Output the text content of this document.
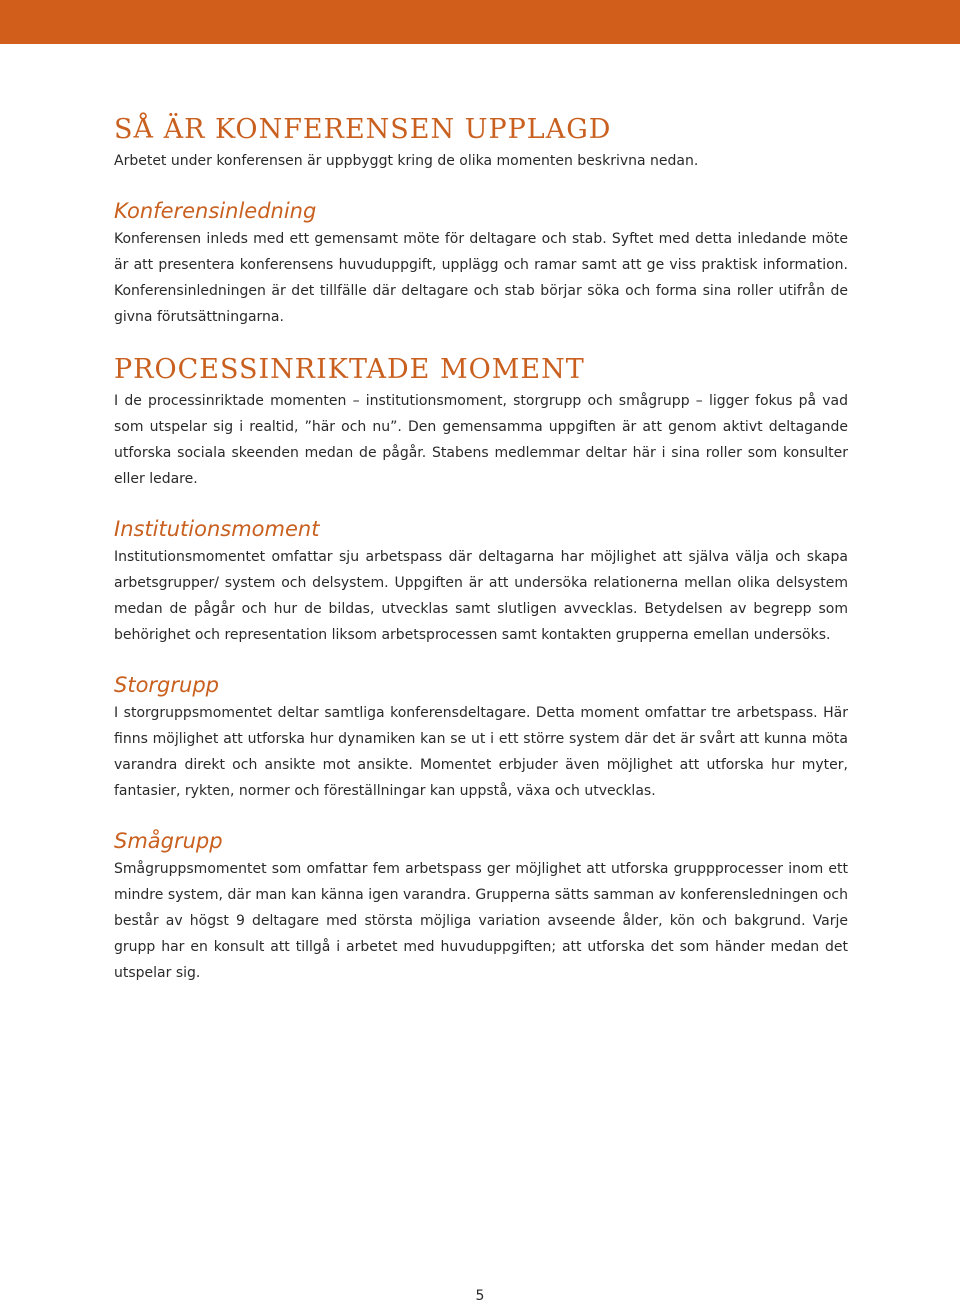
SÅ ÄR KONFERENSEN UPPLAGD

Arbetet under konferensen är uppbyggt kring de olika momenten beskrivna nedan.

Konferensinledning

Konferensen inleds med ett gemensamt möte för deltagare och stab. Syftet med detta inledande möte är att presentera konferensens huvuduppgift, upplägg och ramar samt att ge viss praktisk information. Konferensinledningen är det tillfälle där deltagare och stab börjar söka och forma sina roller utifrån de givna förutsättningarna.

PROCESSINRIKTADE MOMENT

I de processinriktade momenten – institutionsmoment, storgrupp och smågrupp – ligger fokus på vad som utspelar sig i realtid, ”här och nu”. Den gemensamma uppgiften är att genom aktivt deltagande utforska sociala skeenden medan de pågår. Stabens medlemmar deltar här i sina roller som konsulter eller ledare.

Institutionsmoment

Institutionsmomentet omfattar sju arbetspass där deltagarna har möjlighet att själva välja och skapa arbetsgrupper/ system och delsystem. Uppgiften är att undersöka relationerna mellan olika delsystem medan de pågår och hur de bildas, utvecklas samt slutligen avvecklas. Betydelsen av begrepp som behörighet och representation liksom arbetsprocessen samt kontakten grupperna emellan undersöks.

Storgrupp

I storgruppsmomentet deltar samtliga konferensdeltagare. Detta moment omfattar tre arbetspass. Här finns möjlighet att utforska hur dynamiken kan se ut i ett större system där det är svårt att kunna möta varandra direkt och ansikte mot ansikte. Momentet erbjuder även möjlighet att utforska hur myter, fantasier, rykten, normer och föreställningar kan uppstå, växa och utvecklas.

Smågrupp

Smågruppsmomentet som omfattar fem arbetspass ger möjlighet att utforska gruppprocesser inom ett mindre system, där man kan känna igen varandra. Grupperna sätts samman av konferensledningen och består av högst 9 deltagare med största möjliga variation avseende ålder, kön och bakgrund. Varje grupp har en konsult att tillgå i arbetet med huvuduppgiften; att utforska det som händer medan det utspelar sig.

5
